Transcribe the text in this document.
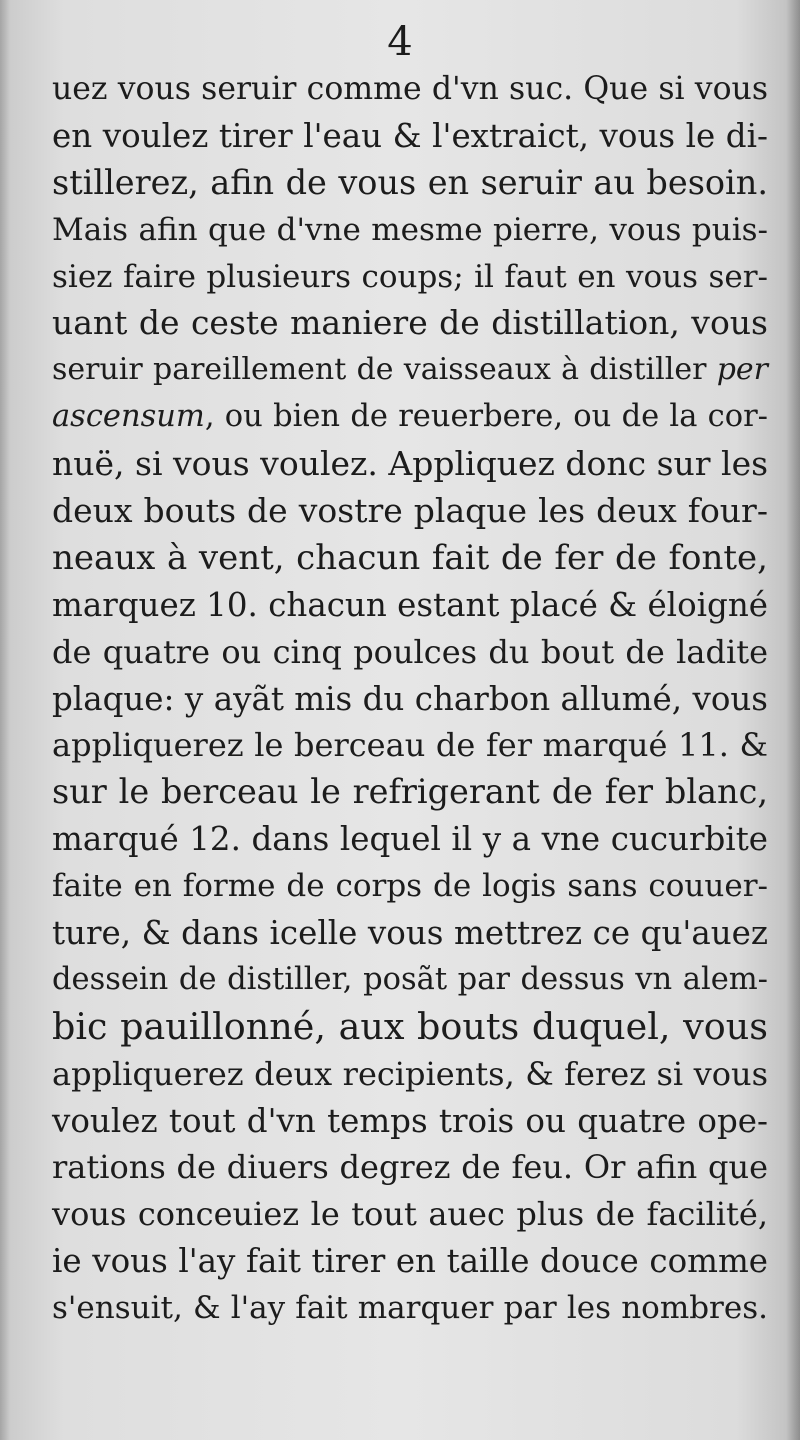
4
uez vous seruir comme d'vn suc. Que si vous
en voulez tirer l'eau & l'extraict, vous le di-
stillerez, afin de vous en seruir au besoin.
Mais afin que d'vne mesme pierre, vous puis-
siez faire plusieurs coups; il faut en vous ser-
uant de ceste maniere de distillation, vous
seruir pareillement de vaisseaux à distiller per
ascensum, ou bien de reuerbere, ou de la cor-
nuë, si vous voulez. Appliquez donc sur les
deux bouts de vostre plaque les deux four-
neaux à vent, chacun fait de fer de fonte,
marquez 10. chacun estant placé & éloigné
de quatre ou cinq poulces du bout de ladite
plaque: y ayãt mis du charbon allumé, vous
appliquerez le berceau de fer marqué 11. &
sur le berceau le refrigerant de fer blanc,
marqué 12. dans lequel il y a vne cucurbite
faite en forme de corps de logis sans couuer-
ture, & dans icelle vous mettrez ce qu'auez
dessein de distiller, posãt par dessus vn alem-
bic pauillonné, aux bouts duquel, vous
appliquerez deux recipients, & ferez si vous
voulez tout d'vn temps trois ou quatre ope-
rations de diuers degrez de feu. Or afin que
vous conceuiez le tout auec plus de facilité,
ie vous l'ay fait tirer en taille douce comme
s'ensuit, & l'ay fait marquer par les nombres.
